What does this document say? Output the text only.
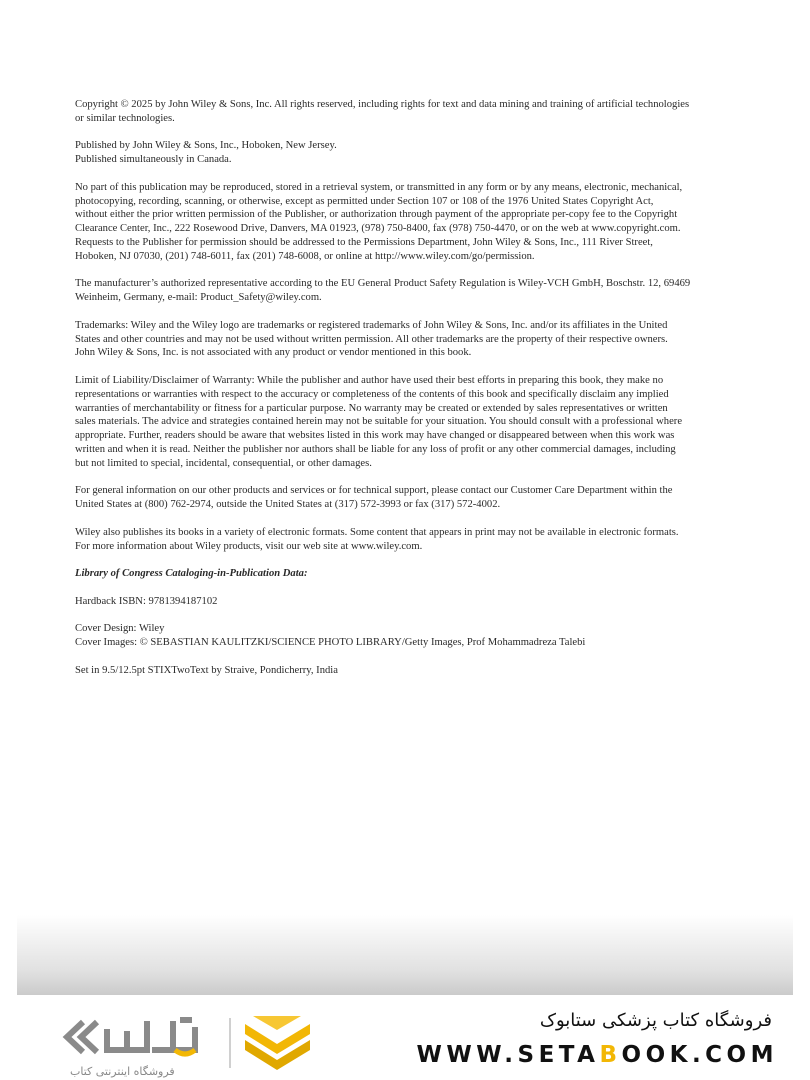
Copyright © 2025 by John Wiley & Sons, Inc. All rights reserved, including rights for text and data mining and training of artificial technologies
or similar technologies.

Published by John Wiley & Sons, Inc., Hoboken, New Jersey.
Published simultaneously in Canada.

No part of this publication may be reproduced, stored in a retrieval system, or transmitted in any form or by any means, electronic, mechanical,
photocopying, recording, scanning, or otherwise, except as permitted under Section 107 or 108 of the 1976 United States Copyright Act,
without either the prior written permission of the Publisher, or authorization through payment of the appropriate per-copy fee to the Copyright
Clearance Center, Inc., 222 Rosewood Drive, Danvers, MA 01923, (978) 750-8400, fax (978) 750-4470, or on the web at www.copyright.com.
Requests to the Publisher for permission should be addressed to the Permissions Department, John Wiley & Sons, Inc., 111 River Street,
Hoboken, NJ 07030, (201) 748-6011, fax (201) 748-6008, or online at http://www.wiley.com/go/permission.

The manufacturer’s authorized representative according to the EU General Product Safety Regulation is Wiley-VCH GmbH, Boschstr. 12, 69469
Weinheim, Germany, e-mail: Product_Safety@wiley.com.

Trademarks: Wiley and the Wiley logo are trademarks or registered trademarks of John Wiley & Sons, Inc. and/or its affiliates in the United
States and other countries and may not be used without written permission. All other trademarks are the property of their respective owners.
John Wiley & Sons, Inc. is not associated with any product or vendor mentioned in this book.

Limit of Liability/Disclaimer of Warranty: While the publisher and author have used their best efforts in preparing this book, they make no
representations or warranties with respect to the accuracy or completeness of the contents of this book and specifically disclaim any implied
warranties of merchantability or fitness for a particular purpose. No warranty may be created or extended by sales representatives or written
sales materials. The advice and strategies contained herein may not be suitable for your situation. You should consult with a professional where
appropriate. Further, readers should be aware that websites listed in this work may have changed or disappeared between when this work was
written and when it is read. Neither the publisher nor authors shall be liable for any loss of profit or any other commercial damages, including
but not limited to special, incidental, consequential, or other damages.

For general information on our other products and services or for technical support, please contact our Customer Care Department within the
United States at (800) 762-2974, outside the United States at (317) 572-3993 or fax (317) 572-4002.

Wiley also publishes its books in a variety of electronic formats. Some content that appears in print may not be available in electronic formats.
For more information about Wiley products, visit our web site at www.wiley.com.

Library of Congress Cataloging-in-Publication Data:

Hardback ISBN: 9781394187102

Cover Design: Wiley
Cover Images: © SEBASTIAN KAULITZKI/SCIENCE PHOTO LIBRARY/Getty Images, Prof Mohammadreza Talebi

Set in 9.5/12.5pt STIXTwoText by Straive, Pondicherry, India

فروشگاه اینترنتی کتاب
فروشگاه کتاب پزشکی ستابوک
WWW.SETABOOK.COM
